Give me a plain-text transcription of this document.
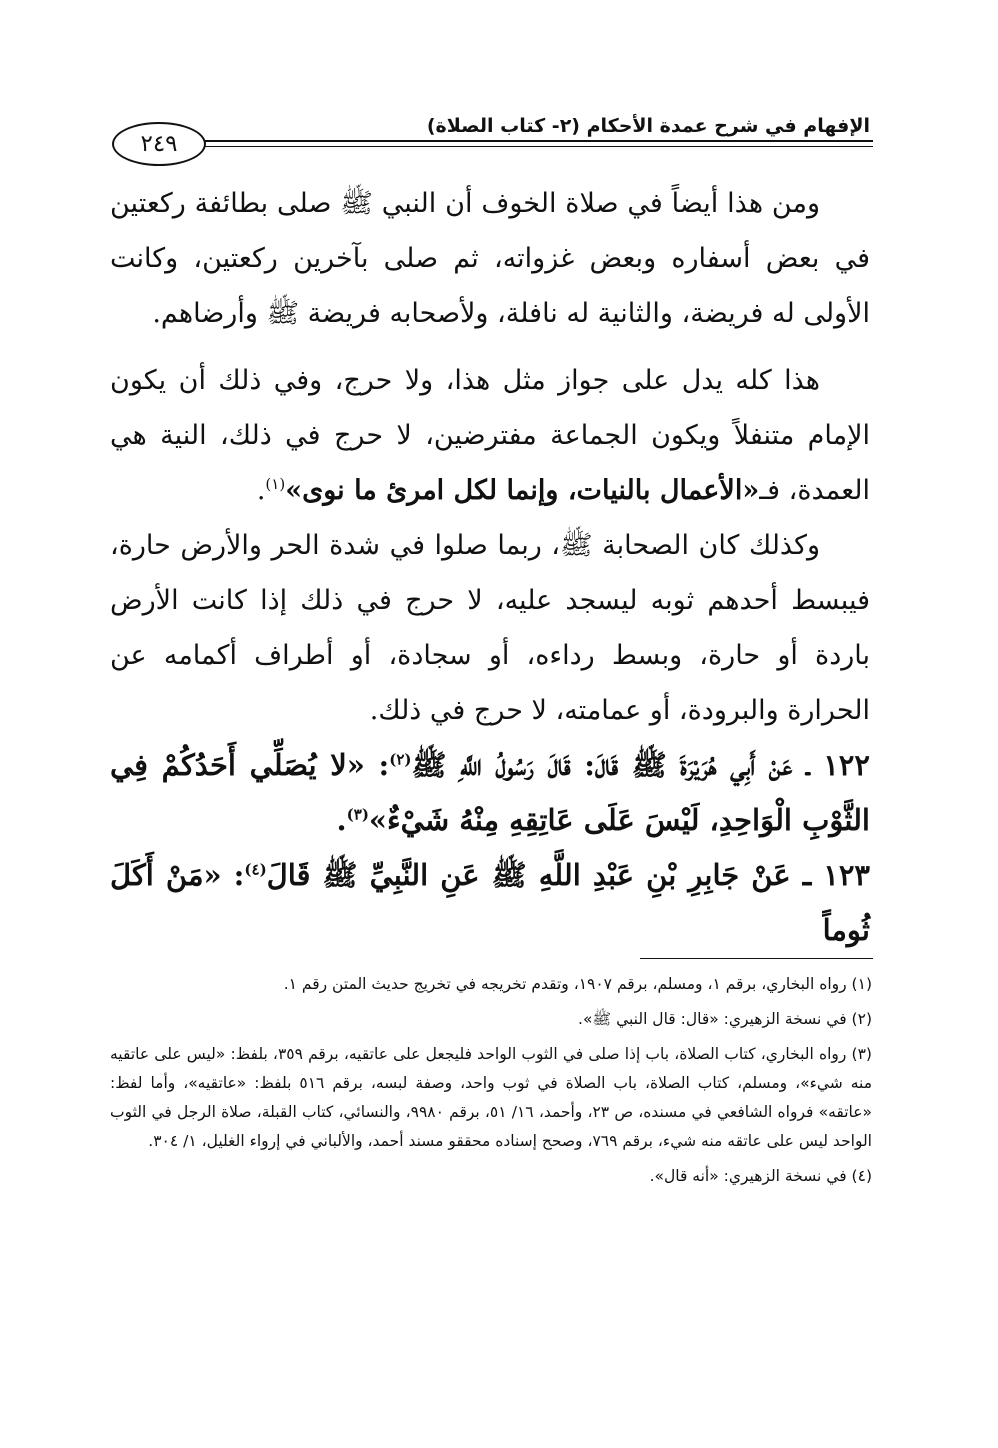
الإفهام في شرح عمدة الأحكام (٢- كتاب الصلاة)
٢٤٩

ومن هذا أيضاً في صلاة الخوف أن النبي ﷺ صلى بطائفة ركعتين في بعض أسفاره وبعض غزواته، ثم صلى بآخرين ركعتين، وكانت الأولى له فريضة، والثانية له نافلة، ولأصحابه فريضة ﷺ وأرضاهم.

هذا كله يدل على جواز مثل هذا، ولا حرج، وفي ذلك أن يكون الإمام متنفلاً ويكون الجماعة مفترضين، لا حرج في ذلك، النية هي العمدة، فـ«الأعمال بالنيات، وإنما لكل امرئ ما نوى»$^{(١)}$.

وكذلك كان الصحابة ﷺ، ربما صلوا في شدة الحر والأرض حارة، فيبسط أحدهم ثوبه ليسجد عليه، لا حرج في ذلك إذا كانت الأرض باردة أو حارة، وبسط رداءه، أو سجادة، أو أطراف أكمامه عن الحرارة والبرودة، أو عمامته، لا حرج في ذلك.

١٢٢ ـ عَنْ أَبِي هُرَيْرَةَ ﷺ قَالَ: قَالَ رَسُولُ اللَّهِ ﷺ$^{(٢)}$: «لا يُصَلِّي أَحَدُكُمْ فِي الثَّوْبِ الْوَاحِدِ، لَيْسَ عَلَى عَاتِقِهِ مِنْهُ شَيْءٌ»$^{(٣)}$.

١٢٣ ـ عَنْ جَابِرِ بْنِ عَبْدِ اللَّهِ ﷺ عَنِ النَّبِيِّ ﷺ قَالَ$^{(٤)}$: «مَنْ أَكَلَ ثُوماً

(١) رواه البخاري، برقم ١، ومسلم، برقم ١٩٠٧، وتقدم تخريجه في تخريج حديث المتن رقم ١.

(٢) في نسخة الزهيري: «قال: قال النبي ﷺ».

(٣) رواه البخاري، كتاب الصلاة، باب إذا صلى في الثوب الواحد فليجعل على عاتقيه، برقم ٣٥٩، بلفظ: «ليس على عاتقيه منه شيء»، ومسلم، كتاب الصلاة، باب الصلاة في ثوب واحد، وصفة لبسه، برقم ٥١٦ بلفظ: «عاتقيه»، وأما لفظ: «عاتقه» فرواه الشافعي في مسنده، ص ٢٣، وأحمد، ١٦/ ٥١، برقم ٩٩٨٠، والنسائي، كتاب القبلة، صلاة الرجل في الثوب الواحد ليس على عاتقه منه شيء، برقم ٧٦٩، وصحح إسناده محققو مسند أحمد، والألباني في إرواء الغليل، ١/ ٣٠٤.

(٤) في نسخة الزهيري: «أنه قال».
